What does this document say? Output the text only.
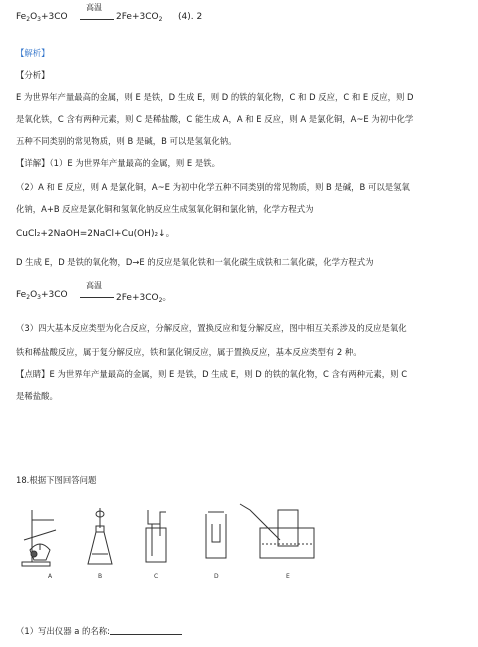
$Fe_2O_3+3CO$
高温
$2Fe+3CO_2$ (4). 2
【解析】
【分析】
E 为世界年产量最高的金属，则 E 是铁，D 生成 E，则 D 的铁的氧化物，C 和 D 反应，C 和 E 反应，则 D
是氧化铁，C 含有两种元素，则 C 是稀盐酸，C 能生成 A，A 和 E 反应，则 A 是氯化铜，A~E 为初中化学
五种不同类别的常见物质，则 B 是碱，B 可以是氢氧化钠。
【详解】（1）E 为世界年产量最高的金属，则 E 是铁。
（2）A 和 E 反应，则 A 是氯化铜，A~E 为初中化学五种不同类别的常见物质，则 B 是碱，B 可以是氢氧
化钠，A+B 反应是氯化铜和氢氧化钠反应生成氢氧化铜和氯化钠，化学方程式为
CuCl₂+2NaOH=2NaCl+Cu(OH)₂↓。
D 生成 E，D 是铁的氧化物，D→E 的反应是氧化铁和一氧化碳生成铁和二氧化碳，化学方程式为
$Fe_2O_3+3CO$
高温
$2Fe+3CO_2$。
（3）四大基本反应类型为化合反应，分解反应，置换反应和复分解反应，图中相互关系涉及的反应是氧化
铁和稀盐酸反应，属于复分解反应，铁和氯化铜反应，属于置换反应，基本反应类型有 2 种。
【点睛】E 为世界年产量最高的金属，则 E 是铁，D 生成 E，则 D 的铁的氧化物，C 含有两种元素，则 C
是稀盐酸。
18.根据下图回答问题
A	B	C	D	E
（1）写出仪器 a 的名称:
